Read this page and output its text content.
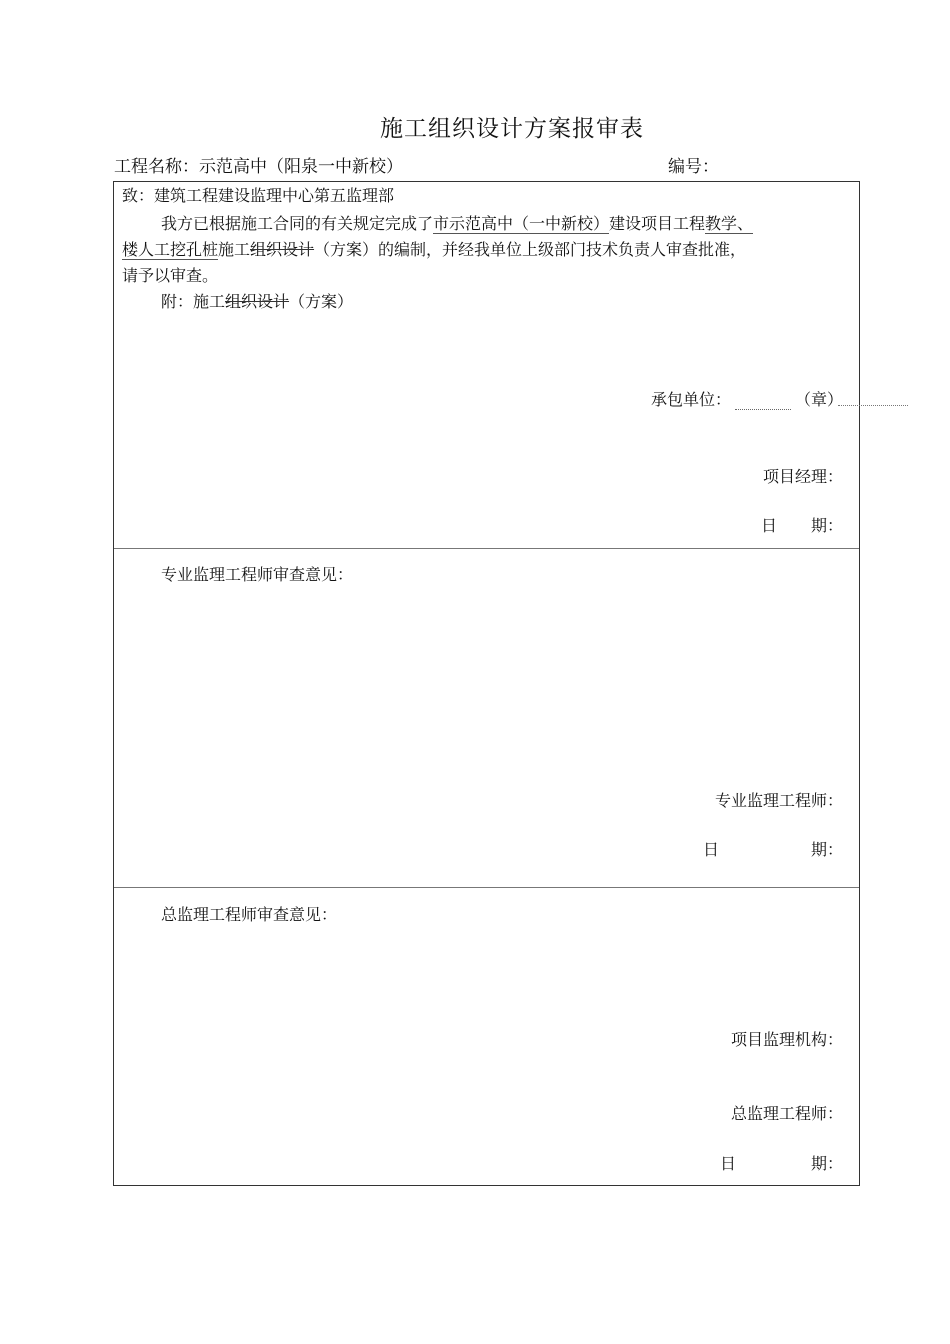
施工组织设计方案报审表
工程名称：示范高中（阳泉一中新校）	编号：
致：建筑工程建设监理中心第五监理部
我方已根据施工合同的有关规定完成了市示范高中（一中新校）建设项目工程教学、
楼人工挖孔桩施工组织设计（方案）的编制，并经我单位上级部门技术负责人审查批准，
请予以审查。
附：施工组织设计（方案）
承包单位：	（章）
项目经理：
日 期：
专业监理工程师审查意见：
专业监理工程师：
日	期：
总监理工程师审查意见：
项目监理机构：
总监理工程师：
日	期：
